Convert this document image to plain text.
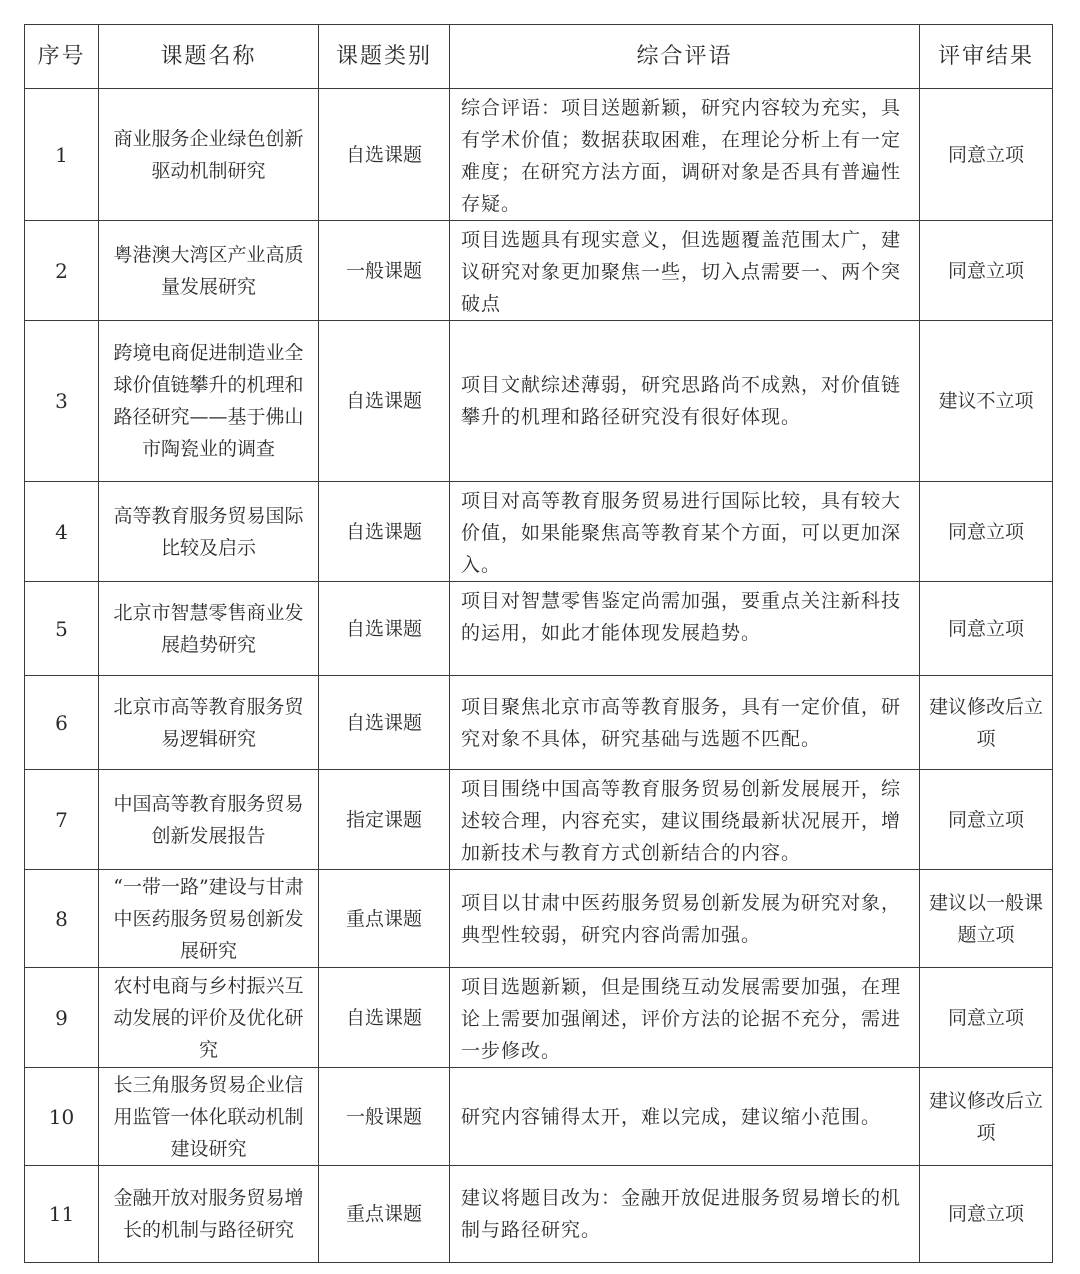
序号	课题名称	课题类别	综合评语	评审结果
1	商业服务企业绿色创新驱动机制研究	自选课题	综合评语：项目送题新颖，研究内容较为充实，具有学术价值；数据获取困难，在理论分析上有一定难度；在研究方法方面，调研对象是否具有普遍性存疑。	同意立项
2	粤港澳大湾区产业高质量发展研究	一般课题	项目选题具有现实意义，但选题覆盖范围太广，建议研究对象更加聚焦一些，切入点需要一、两个突破点	同意立项
3	跨境电商促进制造业全球价值链攀升的机理和路径研究——基于佛山市陶瓷业的调查	自选课题	项目文献综述薄弱，研究思路尚不成熟，对价值链攀升的机理和路径研究没有很好体现。	建议不立项
4	高等教育服务贸易国际比较及启示	自选课题	项目对高等教育服务贸易进行国际比较，具有较大价值，如果能聚焦高等教育某个方面，可以更加深入。	同意立项
5	北京市智慧零售商业发展趋势研究	自选课题	项目对智慧零售鉴定尚需加强，要重点关注新科技的运用，如此才能体现发展趋势。	同意立项
6	北京市高等教育服务贸易逻辑研究	自选课题	项目聚焦北京市高等教育服务，具有一定价值，研究对象不具体，研究基础与选题不匹配。	建议修改后立项
7	中国高等教育服务贸易创新发展报告	指定课题	项目围绕中国高等教育服务贸易创新发展展开，综述较合理，内容充实，建议围绕最新状况展开，增加新技术与教育方式创新结合的内容。	同意立项
8	“一带一路”建设与甘肃中医药服务贸易创新发展研究	重点课题	项目以甘肃中医药服务贸易创新发展为研究对象，典型性较弱，研究内容尚需加强。	建议以一般课题立项
9	农村电商与乡村振兴互动发展的评价及优化研究	自选课题	项目选题新颖，但是围绕互动发展需要加强，在理论上需要加强阐述，评价方法的论据不充分，需进一步修改。	同意立项
10	长三角服务贸易企业信用监管一体化联动机制建设研究	一般课题	研究内容铺得太开，难以完成，建议缩小范围。	建议修改后立项
11	金融开放对服务贸易增长的机制与路径研究	重点课题	建议将题目改为：金融开放促进服务贸易增长的机制与路径研究。	同意立项
